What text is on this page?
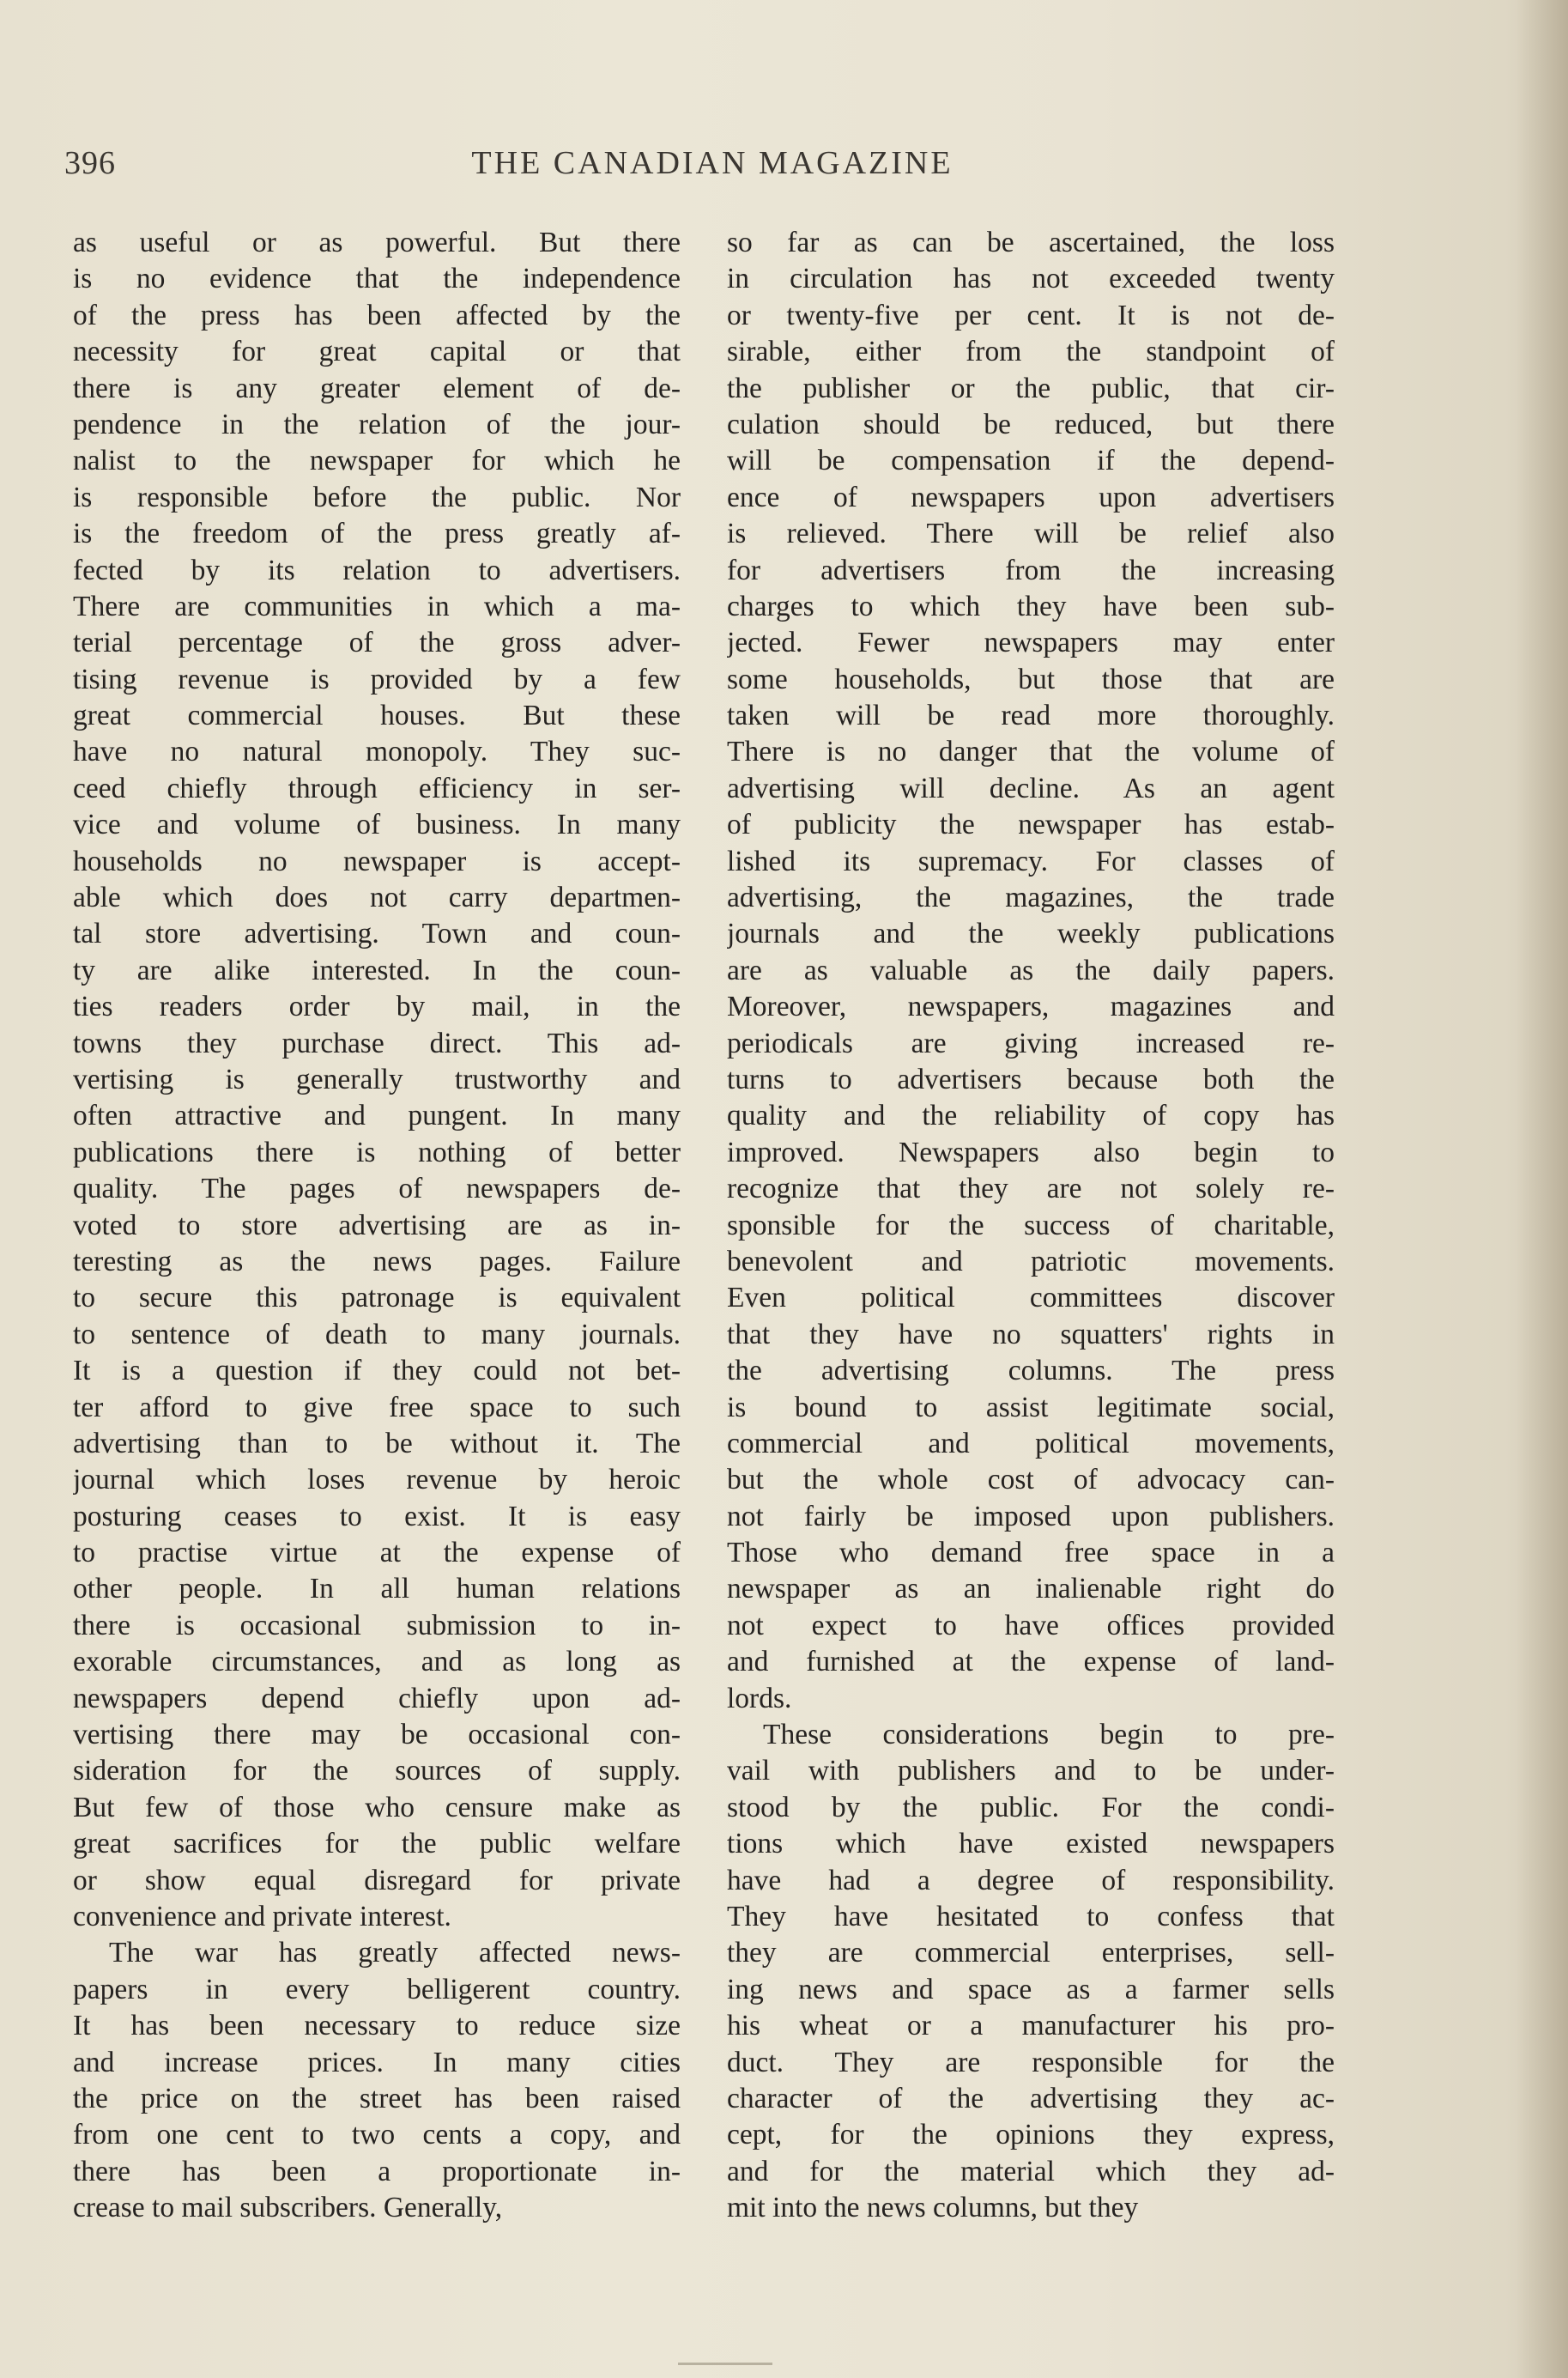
396	THE CANADIAN MAGAZINE
as useful or as powerful. But there
is no evidence that the independence
of the press has been affected by the
necessity for great capital or that
there is any greater element of de-
pendence in the relation of the jour-
nalist to the newspaper for which he
is responsible before the public. Nor
is the freedom of the press greatly af-
fected by its relation to advertisers.
There are communities in which a ma-
terial percentage of the gross adver-
tising revenue is provided by a few
great commercial houses. But these
have no natural monopoly. They suc-
ceed chiefly through efficiency in ser-
vice and volume of business. In many
households no newspaper is accept-
able which does not carry departmen-
tal store advertising. Town and coun-
ty are alike interested. In the coun-
ties readers order by mail, in the
towns they purchase direct. This ad-
vertising is generally trustworthy and
often attractive and pungent. In many
publications there is nothing of better
quality. The pages of newspapers de-
voted to store advertising are as in-
teresting as the news pages. Failure
to secure this patronage is equivalent
to sentence of death to many journals.
It is a question if they could not bet-
ter afford to give free space to such
advertising than to be without it. The
journal which loses revenue by heroic
posturing ceases to exist. It is easy
to practise virtue at the expense of
other people. In all human relations
there is occasional submission to in-
exorable circumstances, and as long as
newspapers depend chiefly upon ad-
vertising there may be occasional con-
sideration for the sources of supply.
But few of those who censure make as
great sacrifices for the public welfare
or show equal disregard for private
convenience and private interest.
The war has greatly affected news-
papers in every belligerent country.
It has been necessary to reduce size
and increase prices. In many cities
the price on the street has been raised
from one cent to two cents a copy, and
there has been a proportionate in-
crease to mail subscribers. Generally,
so far as can be ascertained, the loss
in circulation has not exceeded twenty
or twenty-five per cent. It is not de-
sirable, either from the standpoint of
the publisher or the public, that cir-
culation should be reduced, but there
will be compensation if the depend-
ence of newspapers upon advertisers
is relieved. There will be relief also
for advertisers from the increasing
charges to which they have been sub-
jected. Fewer newspapers may enter
some households, but those that are
taken will be read more thoroughly.
There is no danger that the volume of
advertising will decline. As an agent
of publicity the newspaper has estab-
lished its supremacy. For classes of
advertising, the magazines, the trade
journals and the weekly publications
are as valuable as the daily papers.
Moreover, newspapers, magazines and
periodicals are giving increased re-
turns to advertisers because both the
quality and the reliability of copy has
improved. Newspapers also begin to
recognize that they are not solely re-
sponsible for the success of charitable,
benevolent and patriotic movements.
Even political committees discover
that they have no squatters' rights in
the advertising columns. The press
is bound to assist legitimate social,
commercial and political movements,
but the whole cost of advocacy can-
not fairly be imposed upon publishers.
Those who demand free space in a
newspaper as an inalienable right do
not expect to have offices provided
and furnished at the expense of land-
lords.
These considerations begin to pre-
vail with publishers and to be under-
stood by the public. For the condi-
tions which have existed newspapers
have had a degree of responsibility.
They have hesitated to confess that
they are commercial enterprises, sell-
ing news and space as a farmer sells
his wheat or a manufacturer his pro-
duct. They are responsible for the
character of the advertising they ac-
cept, for the opinions they express,
and for the material which they ad-
mit into the news columns, but they
